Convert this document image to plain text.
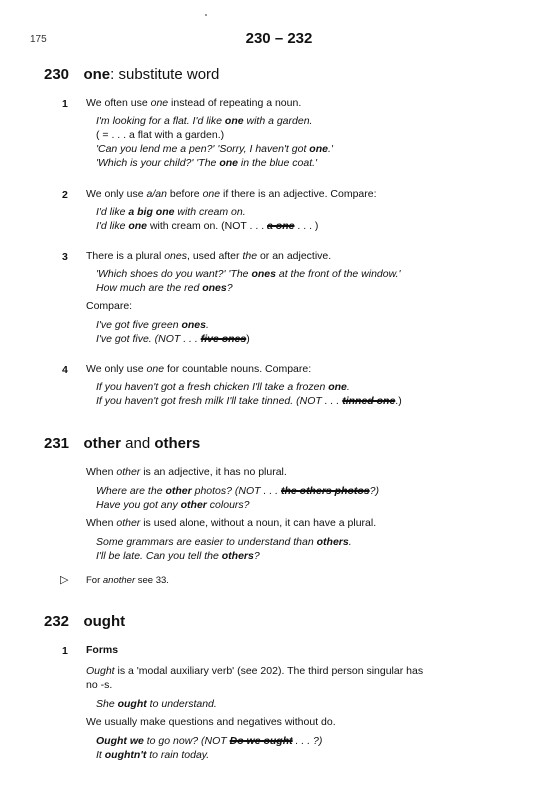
175	230 – 232
230 one: substitute word
1 We often use one instead of repeating a noun.
I'm looking for a flat. I'd like one with a garden.
( = . . . a flat with a garden.)
'Can you lend me a pen?' 'Sorry, I haven't got one.'
'Which is your child?' 'The one in the blue coat.'
2 We only use a/an before one if there is an adjective. Compare:
I'd like a big one with cream on.
I'd like one with cream on. (NOT . . . a one . . . )
3 There is a plural ones, used after the or an adjective.
'Which shoes do you want?' 'The ones at the front of the window.'
How much are the red ones?
Compare:
I've got five green ones.
I've got five. (NOT . . . five ones)
4 We only use one for countable nouns. Compare:
If you haven't got a fresh chicken I'll take a frozen one.
If you haven't got fresh milk I'll take tinned. (NOT . . . tinned one.)
231 other and others
When other is an adjective, it has no plural.
Where are the other photos? (NOT . . . the others photos?)
Have you got any other colours?
When other is used alone, without a noun, it can have a plural.
Some grammars are easier to understand than others.
I'll be late. Can you tell the others?
▷ For another see 33.
232 ought
1 Forms
Ought is a 'modal auxiliary verb' (see 202). The third person singular has
no -s.
She ought to understand.
We usually make questions and negatives without do.
Ought we to go now? (NOT Do we ought . . . ?)
It oughtn't to rain today.
